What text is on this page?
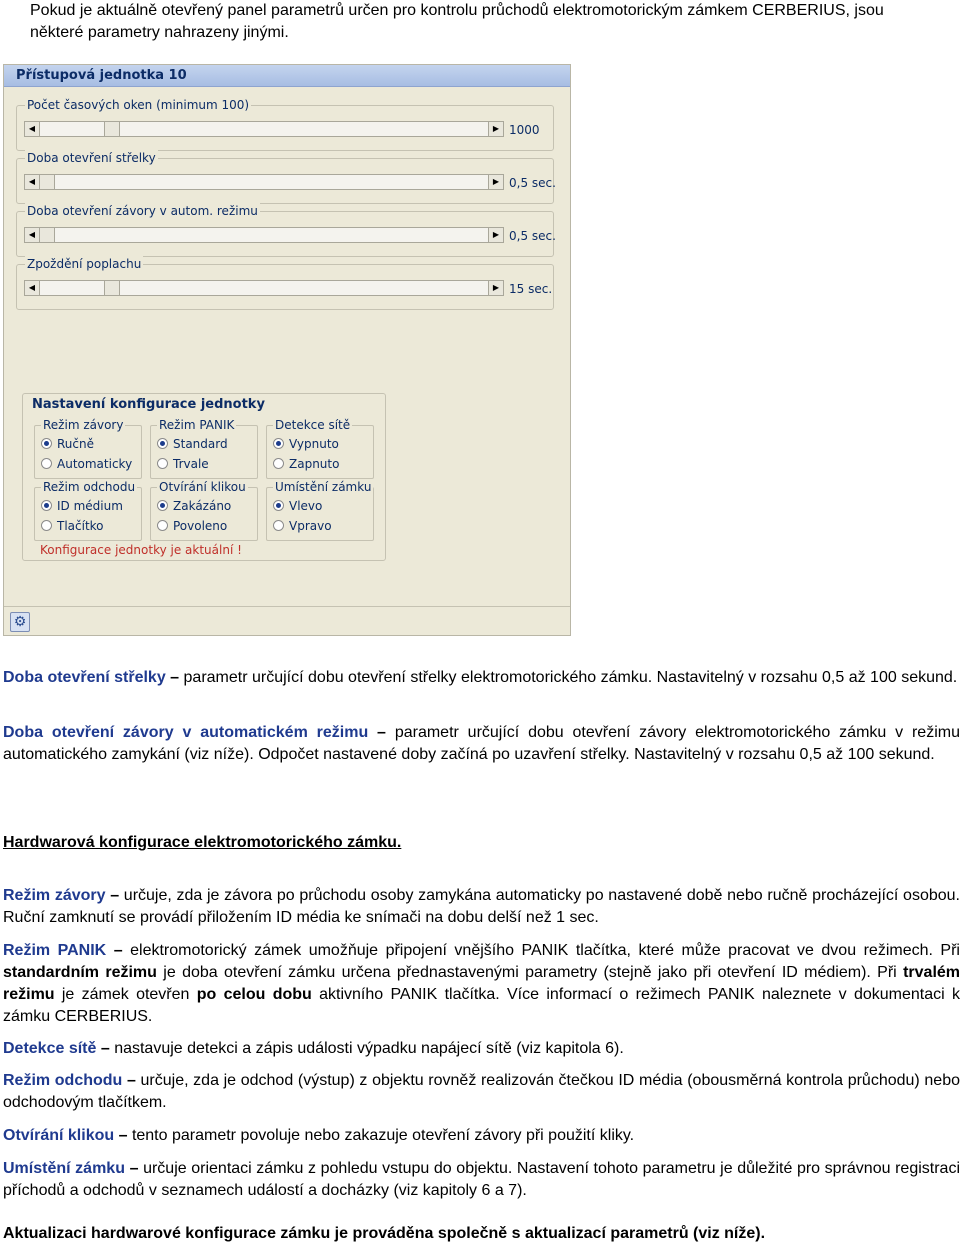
Pokud je aktuálně otevřený panel parametrů určen pro kontrolu průchodů elektromotorickým zámkem CERBERIUS, jsou některé parametry nahrazeny jinými.

Přístupová jednotka 10
Počet časových oken (minimum 100)
◀	▶ 1000
Doba otevření střelky
◀	▶ 0,5 sec.
Doba otevření závory v autom. režimu
◀	▶ 0,5 sec.
Zpoždění poplachu
◀	▶ 15 sec.
Nastavení konfigurace jednotky
Režim závory
Ručně
Automaticky
Režim PANIK
Standard
Trvale
Detekce sítě
Vypnuto
Zapnuto
Režim odchodu
ID médium
Tlačítko
Otvírání klikou
Zakázáno
Povoleno
Umístění zámku
Vlevo
Vpravo
Konfigurace jednotky je aktuální !
⚙

Doba otevření střelky – parametr určující dobu otevření střelky elektromotorického zámku. Nastavitelný v rozsahu 0,5 až 100 sekund.

Doba otevření závory v automatickém režimu – parametr určující dobu otevření závory elektromotorického zámku v režimu automatického zamykání (viz níže). Odpočet nastavené doby začíná po uzavření střelky. Nastavitelný v rozsahu 0,5 až 100 sekund.

Hardwarová konfigurace elektromotorického zámku.

Režim závory – určuje, zda je závora po průchodu osoby zamykána automaticky po nastavené době nebo ručně procházející osobou. Ruční zamknutí se provádí přiložením ID média ke snímači na dobu delší než 1 sec.

Režim PANIK – elektromotorický zámek umožňuje připojení vnějšího PANIK tlačítka, které může pracovat ve dvou režimech. Při standardním režimu je doba otevření zámku určena přednastavenými parametry (stejně jako při otevření ID médiem). Při trvalém režimu je zámek otevřen po celou dobu aktivního PANIK tlačítka. Více informací o režimech PANIK naleznete v dokumentaci k zámku CERBERIUS.

Detekce sítě – nastavuje detekci a zápis události výpadku napájecí sítě (viz kapitola 6).

Režim odchodu – určuje, zda je odchod (výstup) z objektu rovněž realizován čtečkou ID média (obousměrná kontrola průchodu) nebo odchodovým tlačítkem.

Otvírání klikou – tento parametr povoluje nebo zakazuje otevření závory při použití kliky.

Umístění zámku – určuje orientaci zámku z pohledu vstupu do objektu. Nastavení tohoto parametru je důležité pro správnou registraci příchodů a odchodů v seznamech událostí a docházky (viz kapitoly 6 a 7).

Aktualizaci hardwarové konfigurace zámku je prováděna společně s aktualizací parametrů (viz níže).
